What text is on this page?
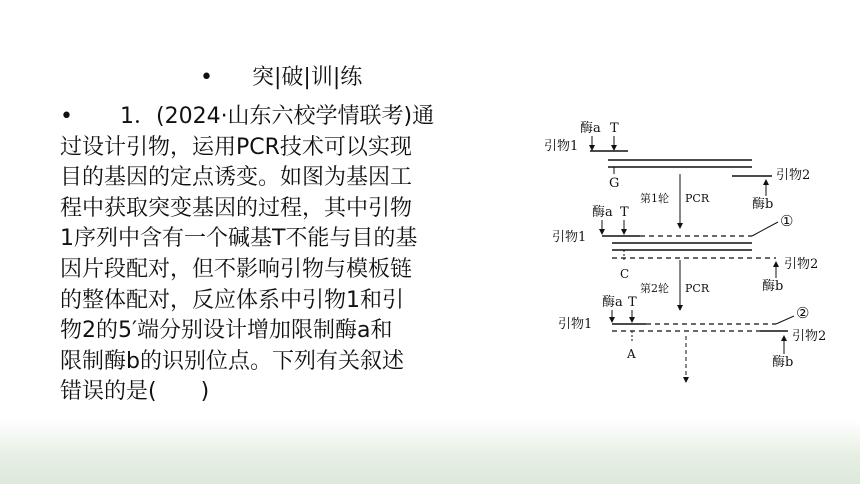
• 突|破|训|练
•
1．(2024·山东六校学情联考)通
过设计引物，运用PCR技术可以实现
目的基因的定点诱变。如图为基因工
程中获取突变基因的过程，其中引物
1序列中含有一个碱基T不能与目的基
因片段配对，但不影响引物与模板链
的整体配对，反应体系中引物1和引
物2的5′端分别设计增加限制酶a和
限制酶b的识别位点。下列有关叙述
错误的是(　　)
酶a T
引物1
G
引物2
酶b
第1轮 PCR
酶a T
引物1
①
C
引物2
酶b
第2轮 PCR
酶a T
引物1
②
引物2
A
酶b
